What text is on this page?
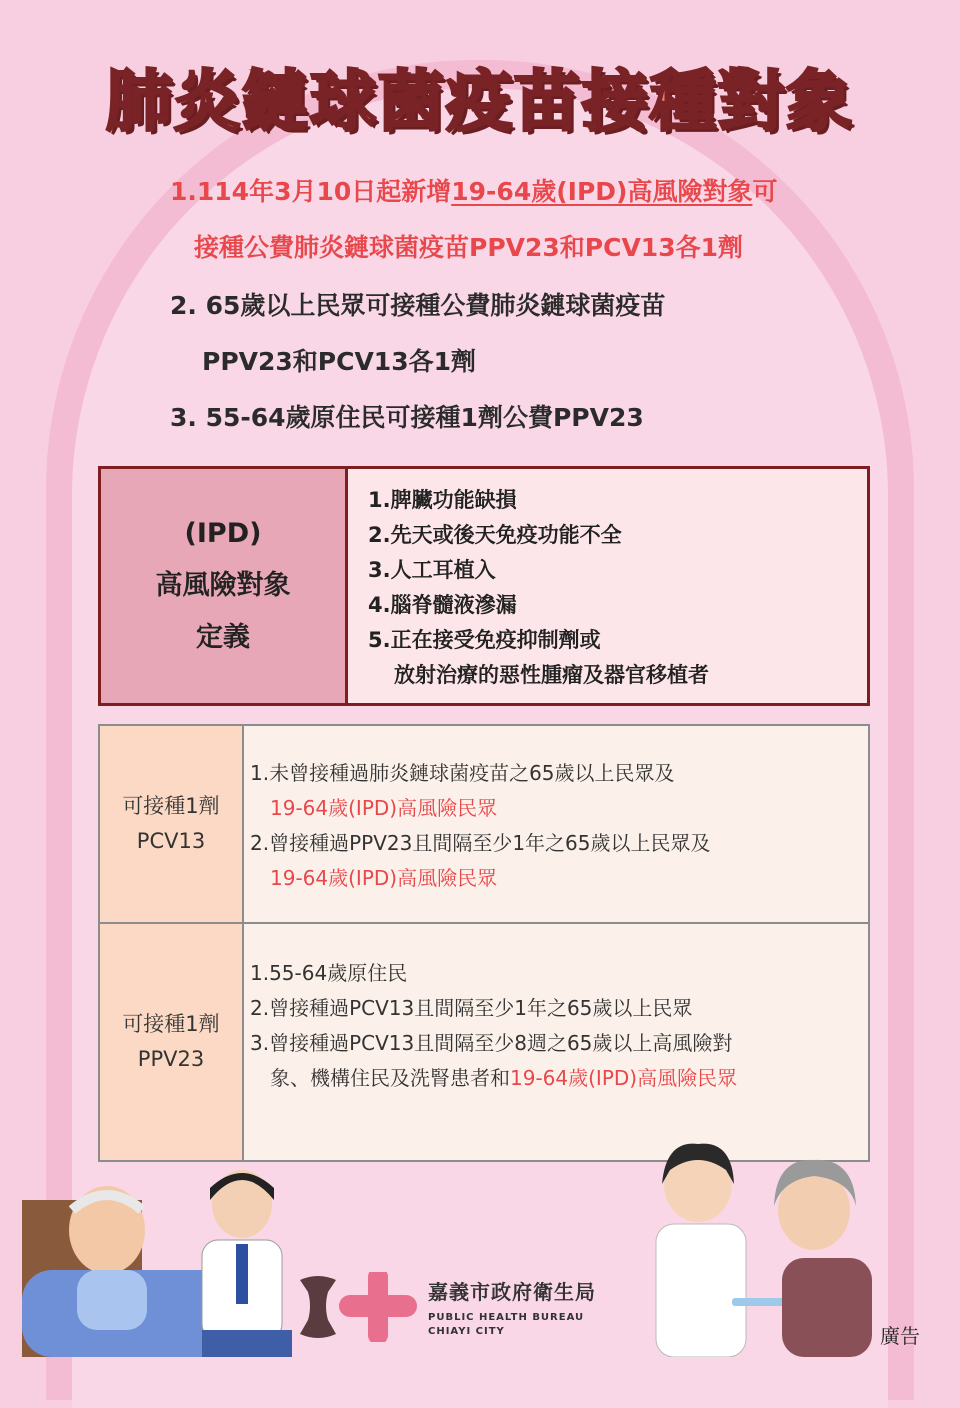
肺炎鏈球菌疫苗接種對象
1.114年3月10日起新增19-64歲(IPD)高風險對象可
接種公費肺炎鏈球菌疫苗PPV23和PCV13各1劑
2. 65歲以上民眾可接種公費肺炎鏈球菌疫苗
PPV23和PCV13各1劑
3. 55-64歲原住民可接種1劑公費PPV23
(IPD)
高風險對象
定義
1.脾臟功能缺損
2.先天或後天免疫功能不全
3.人工耳植入
4.腦脊髓液滲漏
5.正在接受免疫抑制劑或
放射治療的惡性腫瘤及器官移植者
可接種1劑
PCV13
1.未曾接種過肺炎鏈球菌疫苗之65歲以上民眾及
19-64歲(IPD)高風險民眾
2.曾接種過PPV23且間隔至少1年之65歲以上民眾及
19-64歲(IPD)高風險民眾
可接種1劑
PPV23
1.55-64歲原住民
2.曾接種過PCV13且間隔至少1年之65歲以上民眾
3.曾接種過PCV13且間隔至少8週之65歲以上高風險對
象、機構住民及洗腎患者和19-64歲(IPD)高風險民眾
嘉義市政府衛生局
PUBLIC HEALTH BUREAU
CHIAYI CITY	廣告
